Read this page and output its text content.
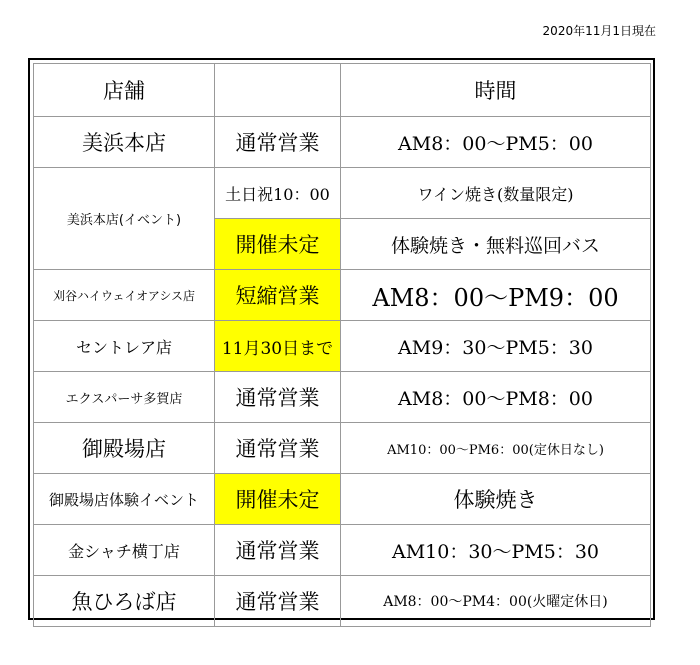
2020年11月1日現在
店舗		時間
美浜本店	通常営業	AM8：00～PM5：00
美浜本店(イベント)	土日祝10：00	ワイン焼き(数量限定)
	開催未定	体験焼き・無料巡回バス
刈谷ハイウェイオアシス店	短縮営業	AM8：00～PM9：00
セントレア店	11月30日まで	AM9：30～PM5：30
エクスパーサ多賀店	通常営業	AM8：00～PM8：00
御殿場店	通常営業	AM10：00～PM6：00(定休日なし)
御殿場店体験イベント	開催未定	体験焼き
金シャチ横丁店	通常営業	AM10：30～PM5：30
魚ひろば店	通常営業	AM8：00～PM4：00(火曜定休日)
